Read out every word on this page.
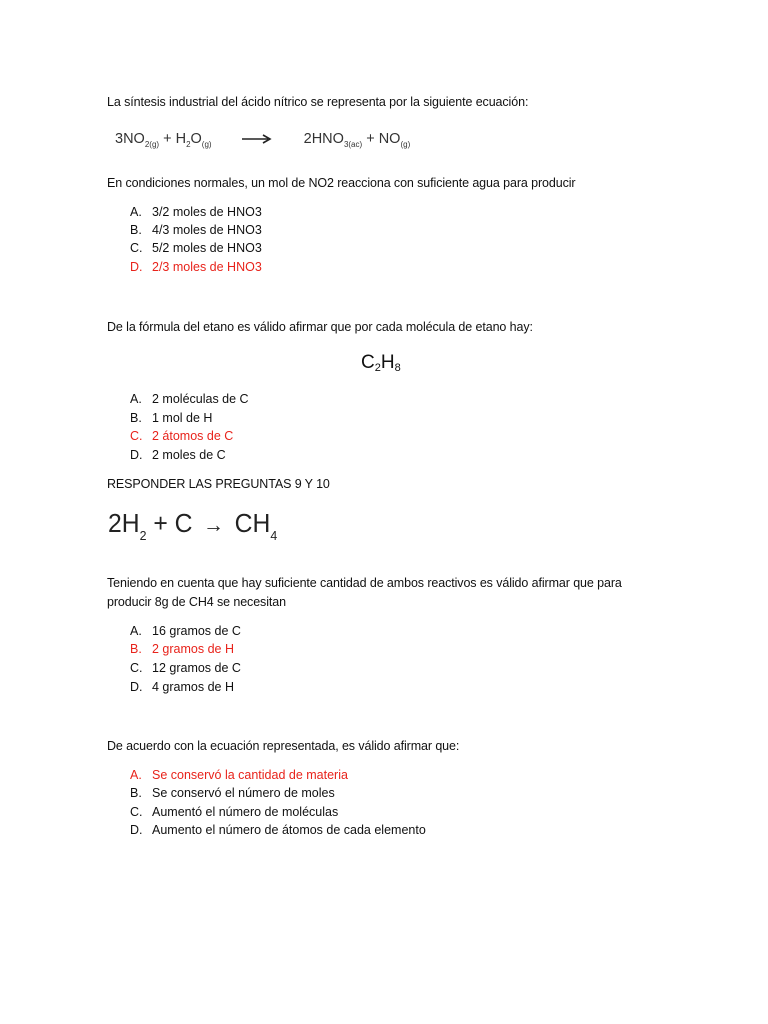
La síntesis industrial del ácido nítrico se representa por la siguiente ecuación:
$3NO_{2(g)} + H_2O_{(g)}$	$2HNO_{3(ac)} + NO_{(g)}$
En condiciones normales, un mol de NO2 reacciona con suficiente agua para producir
A. 3/2 moles de HNO3
B. 4/3 moles de HNO3
C. 5/2 moles de HNO3
D. 2/3 moles de HNO3
De la fórmula del etano es válido afirmar que por cada molécula de etano hay:
$C_2H_8$
A. 2 moléculas de C
B. 1 mol de H
C. 2 átomos de C
D. 2 moles de C
RESPONDER LAS PREGUNTAS 9 Y 10
$2H_2 + C \to CH_4$
Teniendo en cuenta que hay suficiente cantidad de ambos reactivos es válido afirmar que para
producir 8g de CH4 se necesitan
A. 16 gramos de C
B. 2 gramos de H
C. 12 gramos de C
D. 4 gramos de H
De acuerdo con la ecuación representada, es válido afirmar que:
A. Se conservó la cantidad de materia
B. Se conservó el número de moles
C. Aumentó el número de moléculas
D. Aumento el número de átomos de cada elemento
